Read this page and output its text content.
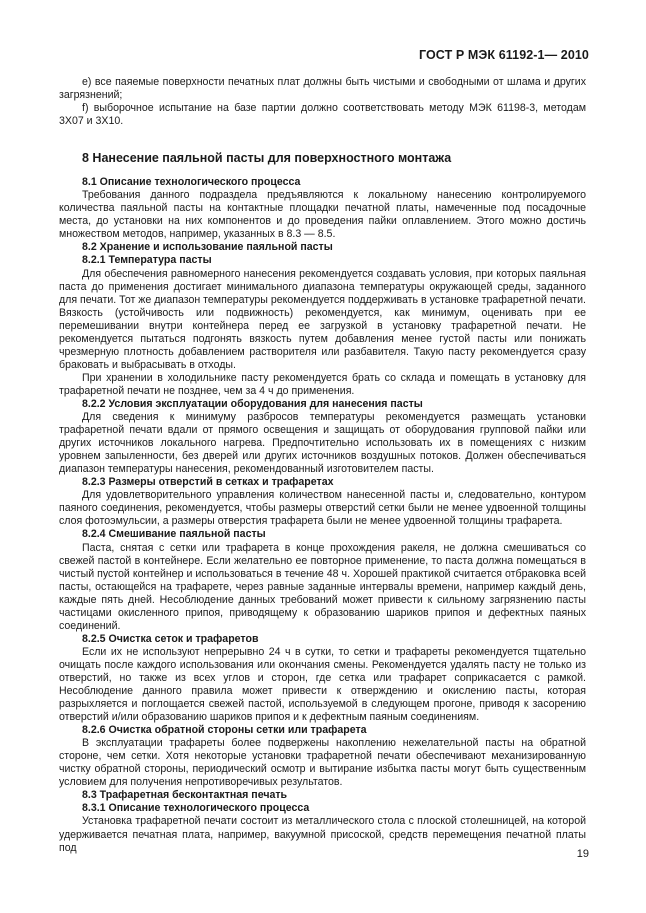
ГОСТ Р МЭК 61192-1— 2010

e) все паяемые поверхности печатных плат должны быть чистыми и свободными от шлама и других загрязнений;

f) выборочное испытание на базе партии должно соответствовать методу МЭК 61198-3, методам 3X07 и 3X10.

8 Нанесение паяльной пасты для поверхностного монтажа

8.1 Описание технологического процесса

Требования данного подраздела предъявляются к локальному нанесению контролируемого количества паяльной пасты на контактные площадки печатной платы, намеченные под посадочные места, до установки на них компонентов и до проведения пайки оплавлением. Этого можно достичь множеством методов, например, указанных в 8.3 — 8.5.

8.2 Хранение и использование паяльной пасты

8.2.1 Температура пасты

Для обеспечения равномерного нанесения рекомендуется создавать условия, при которых паяльная паста до применения достигает минимального диапазона температуры окружающей среды, заданного для печати. Тот же диапазон температуры рекомендуется поддерживать в установке трафаретной печати. Вязкость (устойчивость или подвижность) рекомендуется, как минимум, оценивать при ее перемешивании внутри контейнера перед ее загрузкой в установку трафаретной печати. Не рекомендуется пытаться подгонять вязкость путем добавления менее густой пасты или понижать чрезмерную плотность добавлением растворителя или разбавителя. Такую пасту рекомендуется сразу браковать и выбрасывать в отходы.

При хранении в холодильнике пасту рекомендуется брать со склада и помещать в установку для трафаретной печати не позднее, чем за 4 ч до применения.

8.2.2 Условия эксплуатации оборудования для нанесения пасты

Для сведения к минимуму разбросов температуры рекомендуется размещать установки трафаретной печати вдали от прямого освещения и защищать от оборудования групповой пайки или других источников локального нагрева. Предпочтительно использовать их в помещениях с низким уровнем запыленности, без дверей или других источников воздушных потоков. Должен обеспечиваться диапазон температуры нанесения, рекомендованный изготовителем пасты.

8.2.3 Размеры отверстий в сетках и трафаретах

Для удовлетворительного управления количеством нанесенной пасты и, следовательно, контуром паяного соединения, рекомендуется, чтобы размеры отверстий сетки были не менее удвоенной толщины слоя фотоэмульсии, а размеры отверстия трафарета были не менее удвоенной толщины трафарета.

8.2.4 Смешивание паяльной пасты

Паста, снятая с сетки или трафарета в конце прохождения ракеля, не должна смешиваться со свежей пастой в контейнере. Если желательно ее повторное применение, то паста должна помещаться в чистый пустой контейнер и использоваться в течение 48 ч. Хорошей практикой считается отбраковка всей пасты, остающейся на трафарете, через равные заданные интервалы времени, например каждый день, каждые пять дней. Несоблюдение данных требований может привести к сильному загрязнению пасты частицами окисленного припоя, приводящему к образованию шариков припоя и дефектных паяных соединений.

8.2.5 Очистка сеток и трафаретов

Если их не используют непрерывно 24 ч в сутки, то сетки и трафареты рекомендуется тщательно очищать после каждого использования или окончания смены. Рекомендуется удалять пасту не только из отверстий, но также из всех углов и сторон, где сетка или трафарет соприкасается с рамкой. Несоблюдение данного правила может привести к отверждению и окислению пасты, которая разрыхляется и поглощается свежей пастой, используемой в следующем прогоне, приводя к засорению отверстий и/или образованию шариков припоя и к дефектным паяным соединениям.

8.2.6 Очистка обратной стороны сетки или трафарета

В эксплуатации трафареты более подвержены накоплению нежелательной пасты на обратной стороне, чем сетки. Хотя некоторые установки трафаретной печати обеспечивают механизированную чистку обратной стороны, периодический осмотр и вытирание избытка пасты могут быть существенным условием для получения непротиворечивых результатов.

8.3 Трафаретная бесконтактная печать

8.3.1 Описание технологического процесса

Установка трафаретной печати состоит из металлического стола с плоской столешницей, на которой удерживается печатная плата, например, вакуумной присоской, средств перемещения печатной платы под

19
